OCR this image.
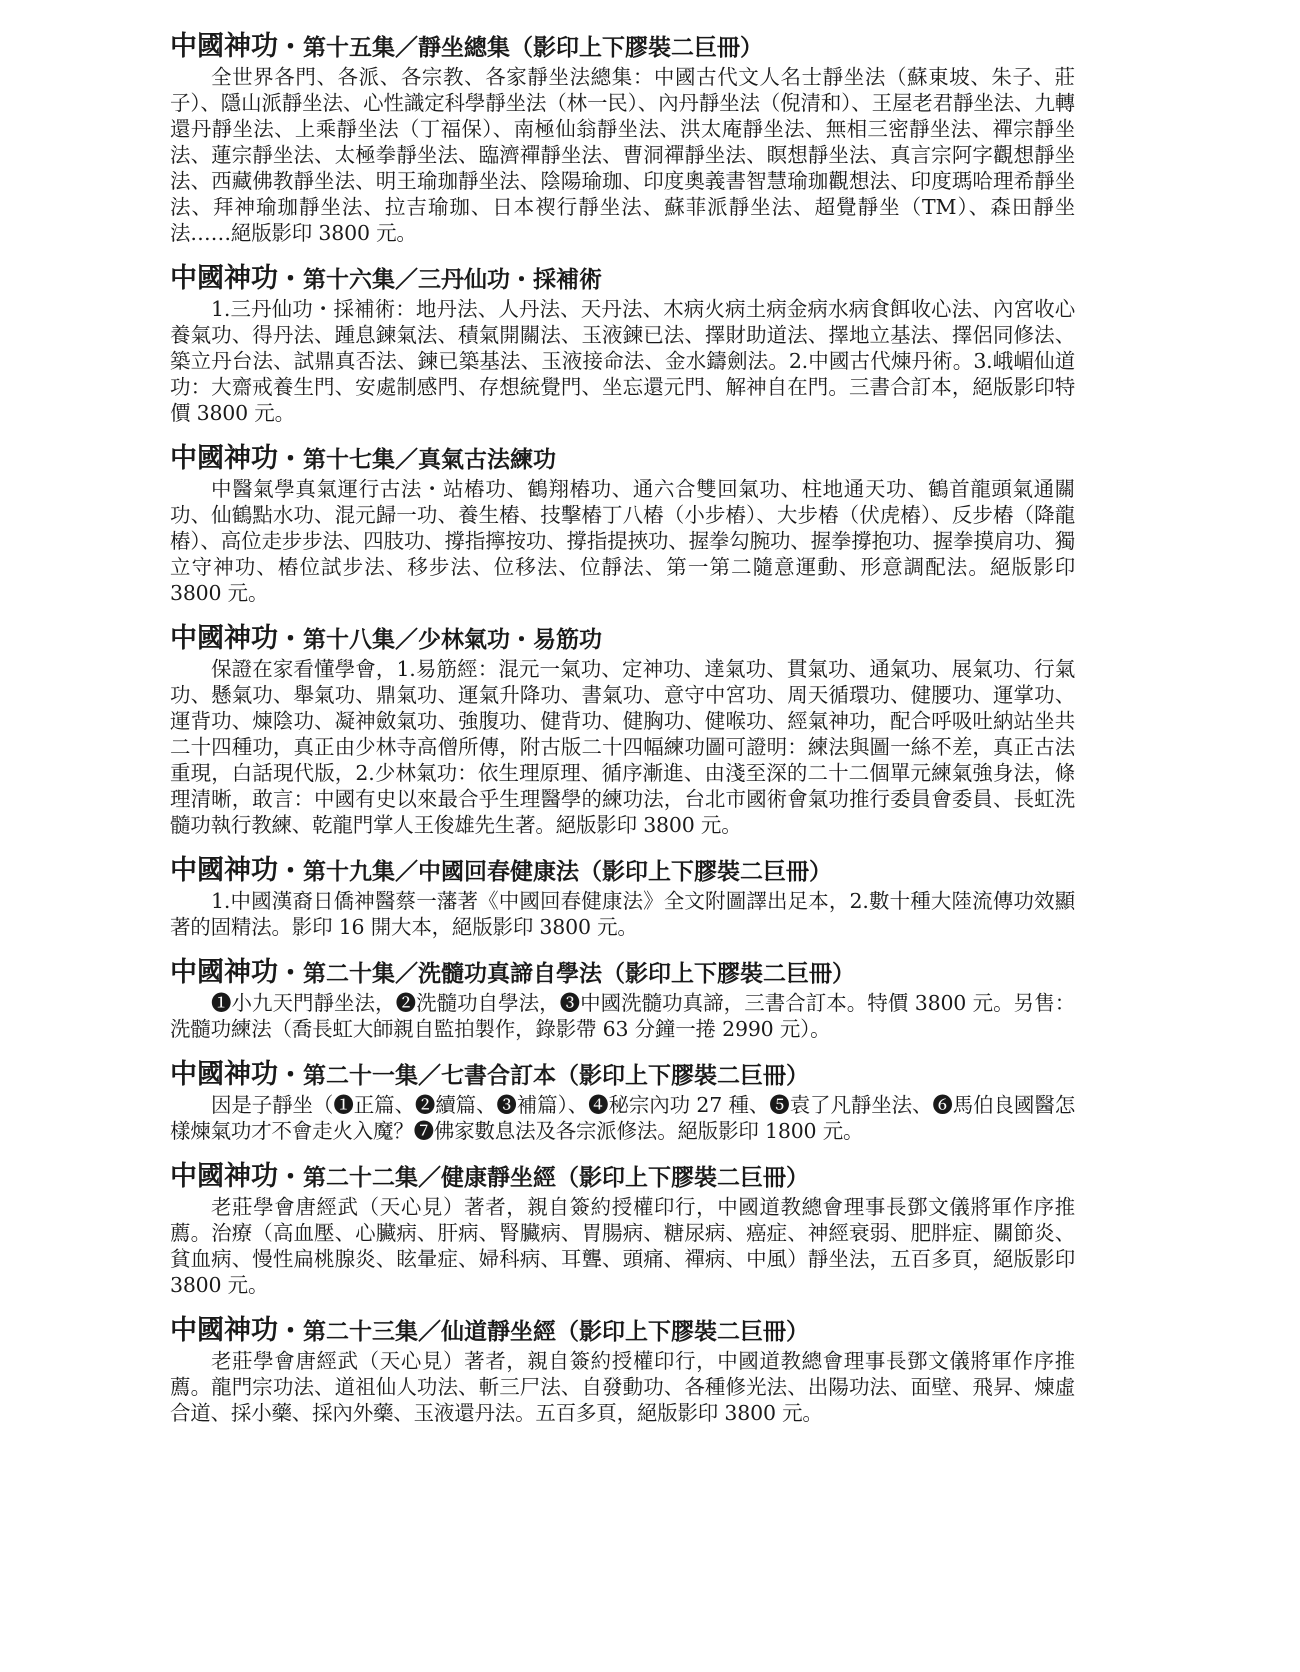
中國神功・第十五集／靜坐總集（影印上下膠裝二巨冊）
全世界各門、各派、各宗教、各家靜坐法總集：中國古代文人名士靜坐法（蘇東坡、朱子、莊子）、隱山派靜坐法、心性識定科學靜坐法（林一民）、內丹靜坐法（倪清和）、王屋老君靜坐法、九轉還丹靜坐法、上乘靜坐法（丁福保）、南極仙翁靜坐法、洪太庵靜坐法、無相三密靜坐法、禪宗靜坐法、蓮宗靜坐法、太極拳靜坐法、臨濟禪靜坐法、曹洞禪靜坐法、瞑想靜坐法、真言宗阿字觀想靜坐法、西藏佛教靜坐法、明王瑜珈靜坐法、陰陽瑜珈、印度奧義書智慧瑜珈觀想法、印度瑪哈理希靜坐法、拜神瑜珈靜坐法、拉吉瑜珈、日本褉行靜坐法、蘇菲派靜坐法、超覺靜坐（TM）、森田靜坐法……絕版影印 3800 元。
中國神功・第十六集／三丹仙功・採補術
1.三丹仙功・採補術：地丹法、人丹法、天丹法、木病火病土病金病水病食餌收心法、內宮收心養氣功、得丹法、踵息鍊氣法、積氣開關法、玉液鍊已法、擇財助道法、擇地立基法、擇侶同修法、築立丹台法、試鼎真否法、鍊已築基法、玉液接命法、金水鑄劍法。2.中國古代煉丹術。3.峨嵋仙道功：大齋戒養生門、安處制感門、存想統覺門、坐忘還元門、解神自在門。三書合訂本，絕版影印特價 3800 元。
中國神功・第十七集／真氣古法練功
中醫氣學真氣運行古法・站樁功、鶴翔樁功、通六合雙回氣功、柱地通天功、鶴首龍頭氣通關功、仙鶴點水功、混元歸一功、養生樁、技擊樁丁八樁（小步樁）、大步樁（伏虎樁）、反步樁（降龍樁）、高位走步步法、四肢功、撐指擰按功、撐指提挾功、握拳勾腕功、握拳撐抱功、握拳摸肩功、獨立守神功、樁位試步法、移步法、位移法、位靜法、第一第二隨意運動、形意調配法。絕版影印 3800 元。
中國神功・第十八集／少林氣功・易筋功
保證在家看懂學會，1.易筋經：混元一氣功、定神功、達氣功、貫氣功、通氣功、展氣功、行氣功、懸氣功、舉氣功、鼎氣功、運氣升降功、書氣功、意守中宮功、周天循環功、健腰功、運掌功、運背功、煉陰功、凝神斂氣功、強腹功、健背功、健胸功、健喉功、經氣神功，配合呼吸吐納站坐共二十四種功，真正由少林寺高僧所傳，附古版二十四幅練功圖可證明：練法與圖一絲不差，真正古法重現，白話現代版，2.少林氣功：依生理原理、循序漸進、由淺至深的二十二個單元練氣強身法，條理清晰，敢言：中國有史以來最合乎生理醫學的練功法，台北市國術會氣功推行委員會委員、長虹洗髓功執行教練、乾龍門掌人王俊雄先生著。絕版影印 3800 元。
中國神功・第十九集／中國回春健康法（影印上下膠裝二巨冊）
1.中國漢裔日僑神醫蔡一藩著《中國回春健康法》全文附圖譯出足本，2.數十種大陸流傳功效顯著的固精法。影印 16 開大本，絕版影印 3800 元。
中國神功・第二十集／洗髓功真諦自學法（影印上下膠裝二巨冊）
❶小九天門靜坐法，❷洗髓功自學法，❸中國洗髓功真諦，三書合訂本。特價 3800 元。另售：洗髓功練法（喬長虹大師親自監拍製作，錄影帶 63 分鐘一捲 2990 元）。
中國神功・第二十一集／七書合訂本（影印上下膠裝二巨冊）
因是子靜坐（❶正篇、❷續篇、❸補篇）、❹秘宗內功 27 種、❺袁了凡靜坐法、❻馬伯良國醫怎樣煉氣功才不會走火入魔？❼佛家數息法及各宗派修法。絕版影印 1800 元。
中國神功・第二十二集／健康靜坐經（影印上下膠裝二巨冊）
老莊學會唐經武（天心見）著者，親自簽約授權印行，中國道教總會理事長鄧文儀將軍作序推薦。治療（高血壓、心臟病、肝病、腎臟病、胃腸病、糖尿病、癌症、神經衰弱、肥胖症、關節炎、貧血病、慢性扁桃腺炎、眩暈症、婦科病、耳聾、頭痛、禪病、中風）靜坐法，五百多頁，絕版影印 3800 元。
中國神功・第二十三集／仙道靜坐經（影印上下膠裝二巨冊）
老莊學會唐經武（天心見）著者，親自簽約授權印行，中國道教總會理事長鄧文儀將軍作序推薦。龍門宗功法、道祖仙人功法、斬三尸法、自發動功、各種修光法、出陽功法、面壁、飛昇、煉虛合道、採小藥、採內外藥、玉液還丹法。五百多頁，絕版影印 3800 元。
